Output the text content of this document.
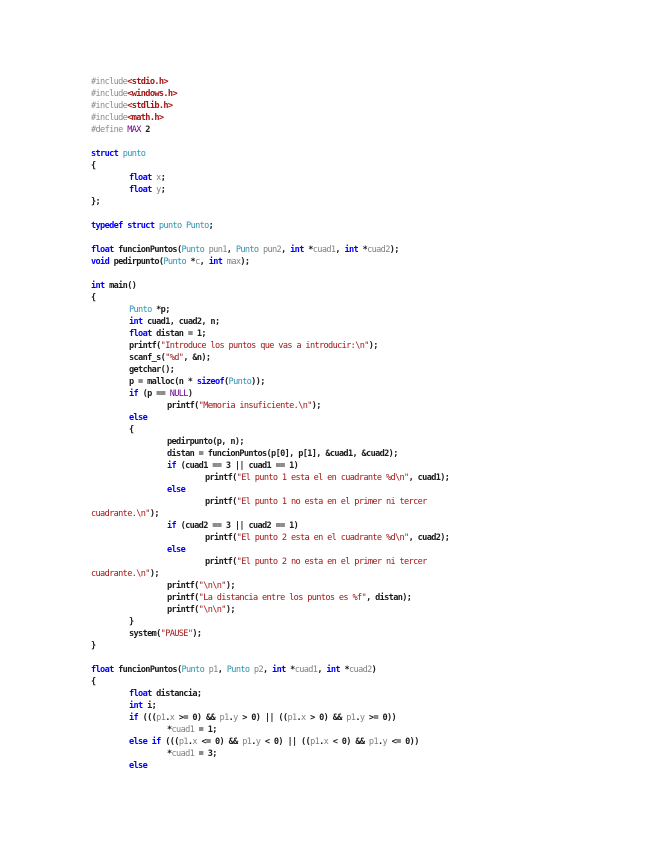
#include<stdio.h>
#include<windows.h>
#include<stdlib.h>
#include<math.h>
#define MAX 2
struct punto
{
float x;
float y;
};
typedef struct punto Punto;
float funcionPuntos(Punto pun1, Punto pun2, int *cuad1, int *cuad2);
void pedirpunto(Punto *c, int max);
int main()
{
Punto *p;
int cuad1, cuad2, n;
float distan = 1;
printf("Introduce los puntos que vas a introducir:\n");
scanf_s("%d", &n);
getchar();
p = malloc(n * sizeof(Punto));
if (p == NULL)
printf("Memoria insuficiente.\n");
else
{
pedirpunto(p, n);
distan = funcionPuntos(p[0], p[1], &cuad1, &cuad2);
if (cuad1 == 3 || cuad1 == 1)
printf("El punto 1 esta el en cuadrante %d\n", cuad1);
else
printf("El punto 1 no esta en el primer ni tercer
cuadrante.\n");
if (cuad2 == 3 || cuad2 == 1)
printf("El punto 2 esta en el cuadrante %d\n", cuad2);
else
printf("El punto 2 no esta en el primer ni tercer
cuadrante.\n");
printf("\n\n");
printf("La distancia entre los puntos es %f", distan);
printf("\n\n");
}
system("PAUSE");
}
float funcionPuntos(Punto p1, Punto p2, int *cuad1, int *cuad2)
{
float distancia;
int i;
if (((p1.x >= 0) && p1.y > 0) || ((p1.x > 0) && p1.y >= 0))
*cuad1 = 1;
else if (((p1.x <= 0) && p1.y < 0) || ((p1.x < 0) && p1.y <= 0))
*cuad1 = 3;
else
